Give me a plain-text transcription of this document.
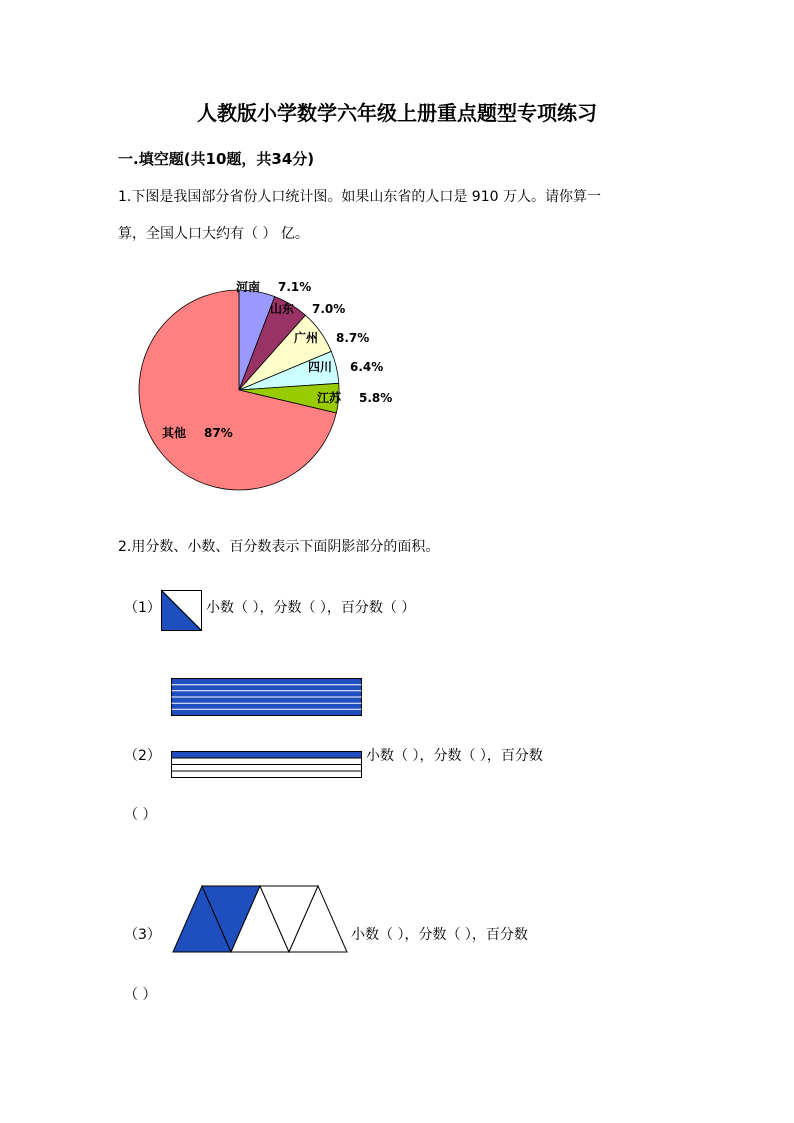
人教版小学数学六年级上册重点题型专项练习
一.填空题(共10题，共34分)
1.下图是我国部分省份人口统计图。如果山东省的人口是 910 万人。请你算一
算，全国人口大约有（ ） 亿。
河南 7.1%
山东 7.0%
广州 8.7%
四川 6.4%
江苏 5.8%
其他 87%
2.用分数、小数、百分数表示下面阴影部分的面积。
（1）	小数（ ），分数（ ），百分数（ ）
（2）	小数（ ），分数（ ），百分数
（ ）
（3）	小数（ ），分数（ ），百分数
（ ）
